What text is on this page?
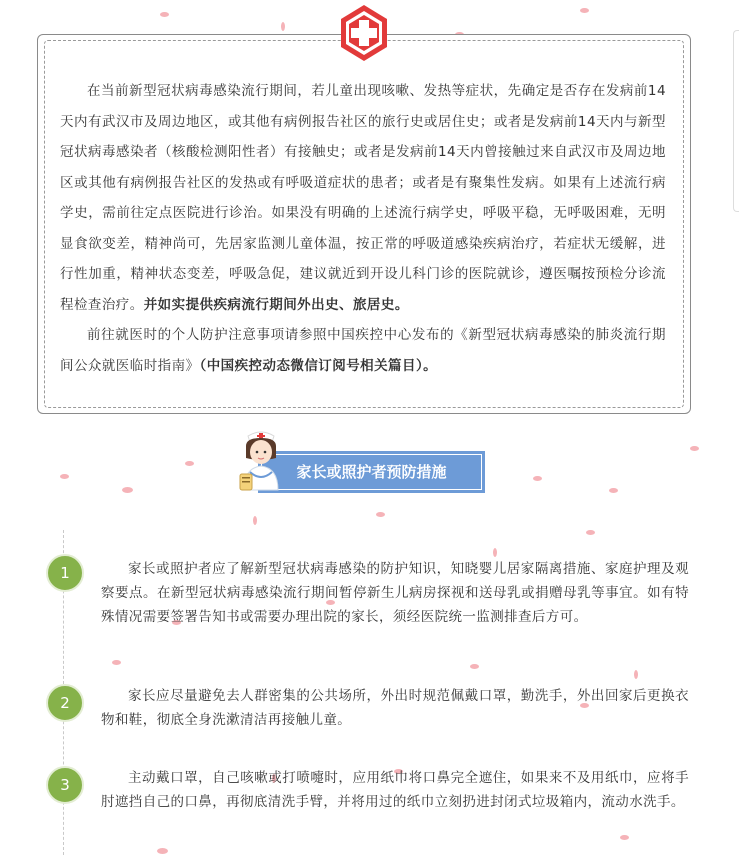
在当前新型冠状病毒感染流行期间，若儿童出现咳嗽、发热等症状，先确定是否存在发病前14天内有武汉市及周边地区，或其他有病例报告社区的旅行史或居住史；或者是发病前14天内与新型冠状病毒感染者（核酸检测阳性者）有接触史；或者是发病前14天内曾接触过来自武汉市及周边地区或其他有病例报告社区的发热或有呼吸道症状的患者；或者是有聚集性发病。如果有上述流行病学史，需前往定点医院进行诊治。如果没有明确的上述流行病学史，呼吸平稳，无呼吸困难，无明显食欲变差，精神尚可，先居家监测儿童体温，按正常的呼吸道感染疾病治疗，若症状无缓解，进行性加重，精神状态变差，呼吸急促，建议就近到开设儿科门诊的医院就诊，遵医嘱按预检分诊流程检查治疗。并如实提供疾病流行期间外出史、旅居史。

前往就医时的个人防护注意事项请参照中国疾控中心发布的《新型冠状病毒感染的肺炎流行期间公众就医临时指南》（中国疾控动态微信订阅号相关篇目）。

家长或照护者预防措施
1	家长或照护者应了解新型冠状病毒感染的防护知识，知晓婴儿居家隔离措施、家庭护理及观察要点。在新型冠状病毒感染流行期间暂停新生儿病房探视和送母乳或捐赠母乳等事宜。如有特殊情况需要签署告知书或需要办理出院的家长，须经医院统一监测排查后方可。

2	家长应尽量避免去人群密集的公共场所，外出时规范佩戴口罩，勤洗手，外出回家后更换衣物和鞋，彻底全身洗漱清洁再接触儿童。

3	主动戴口罩，自己咳嗽或打喷嚏时，应用纸巾将口鼻完全遮住，如果来不及用纸巾，应将手肘遮挡自己的口鼻，再彻底清洗手臂，并将用过的纸巾立刻扔进封闭式垃圾箱内，流动水洗手。
